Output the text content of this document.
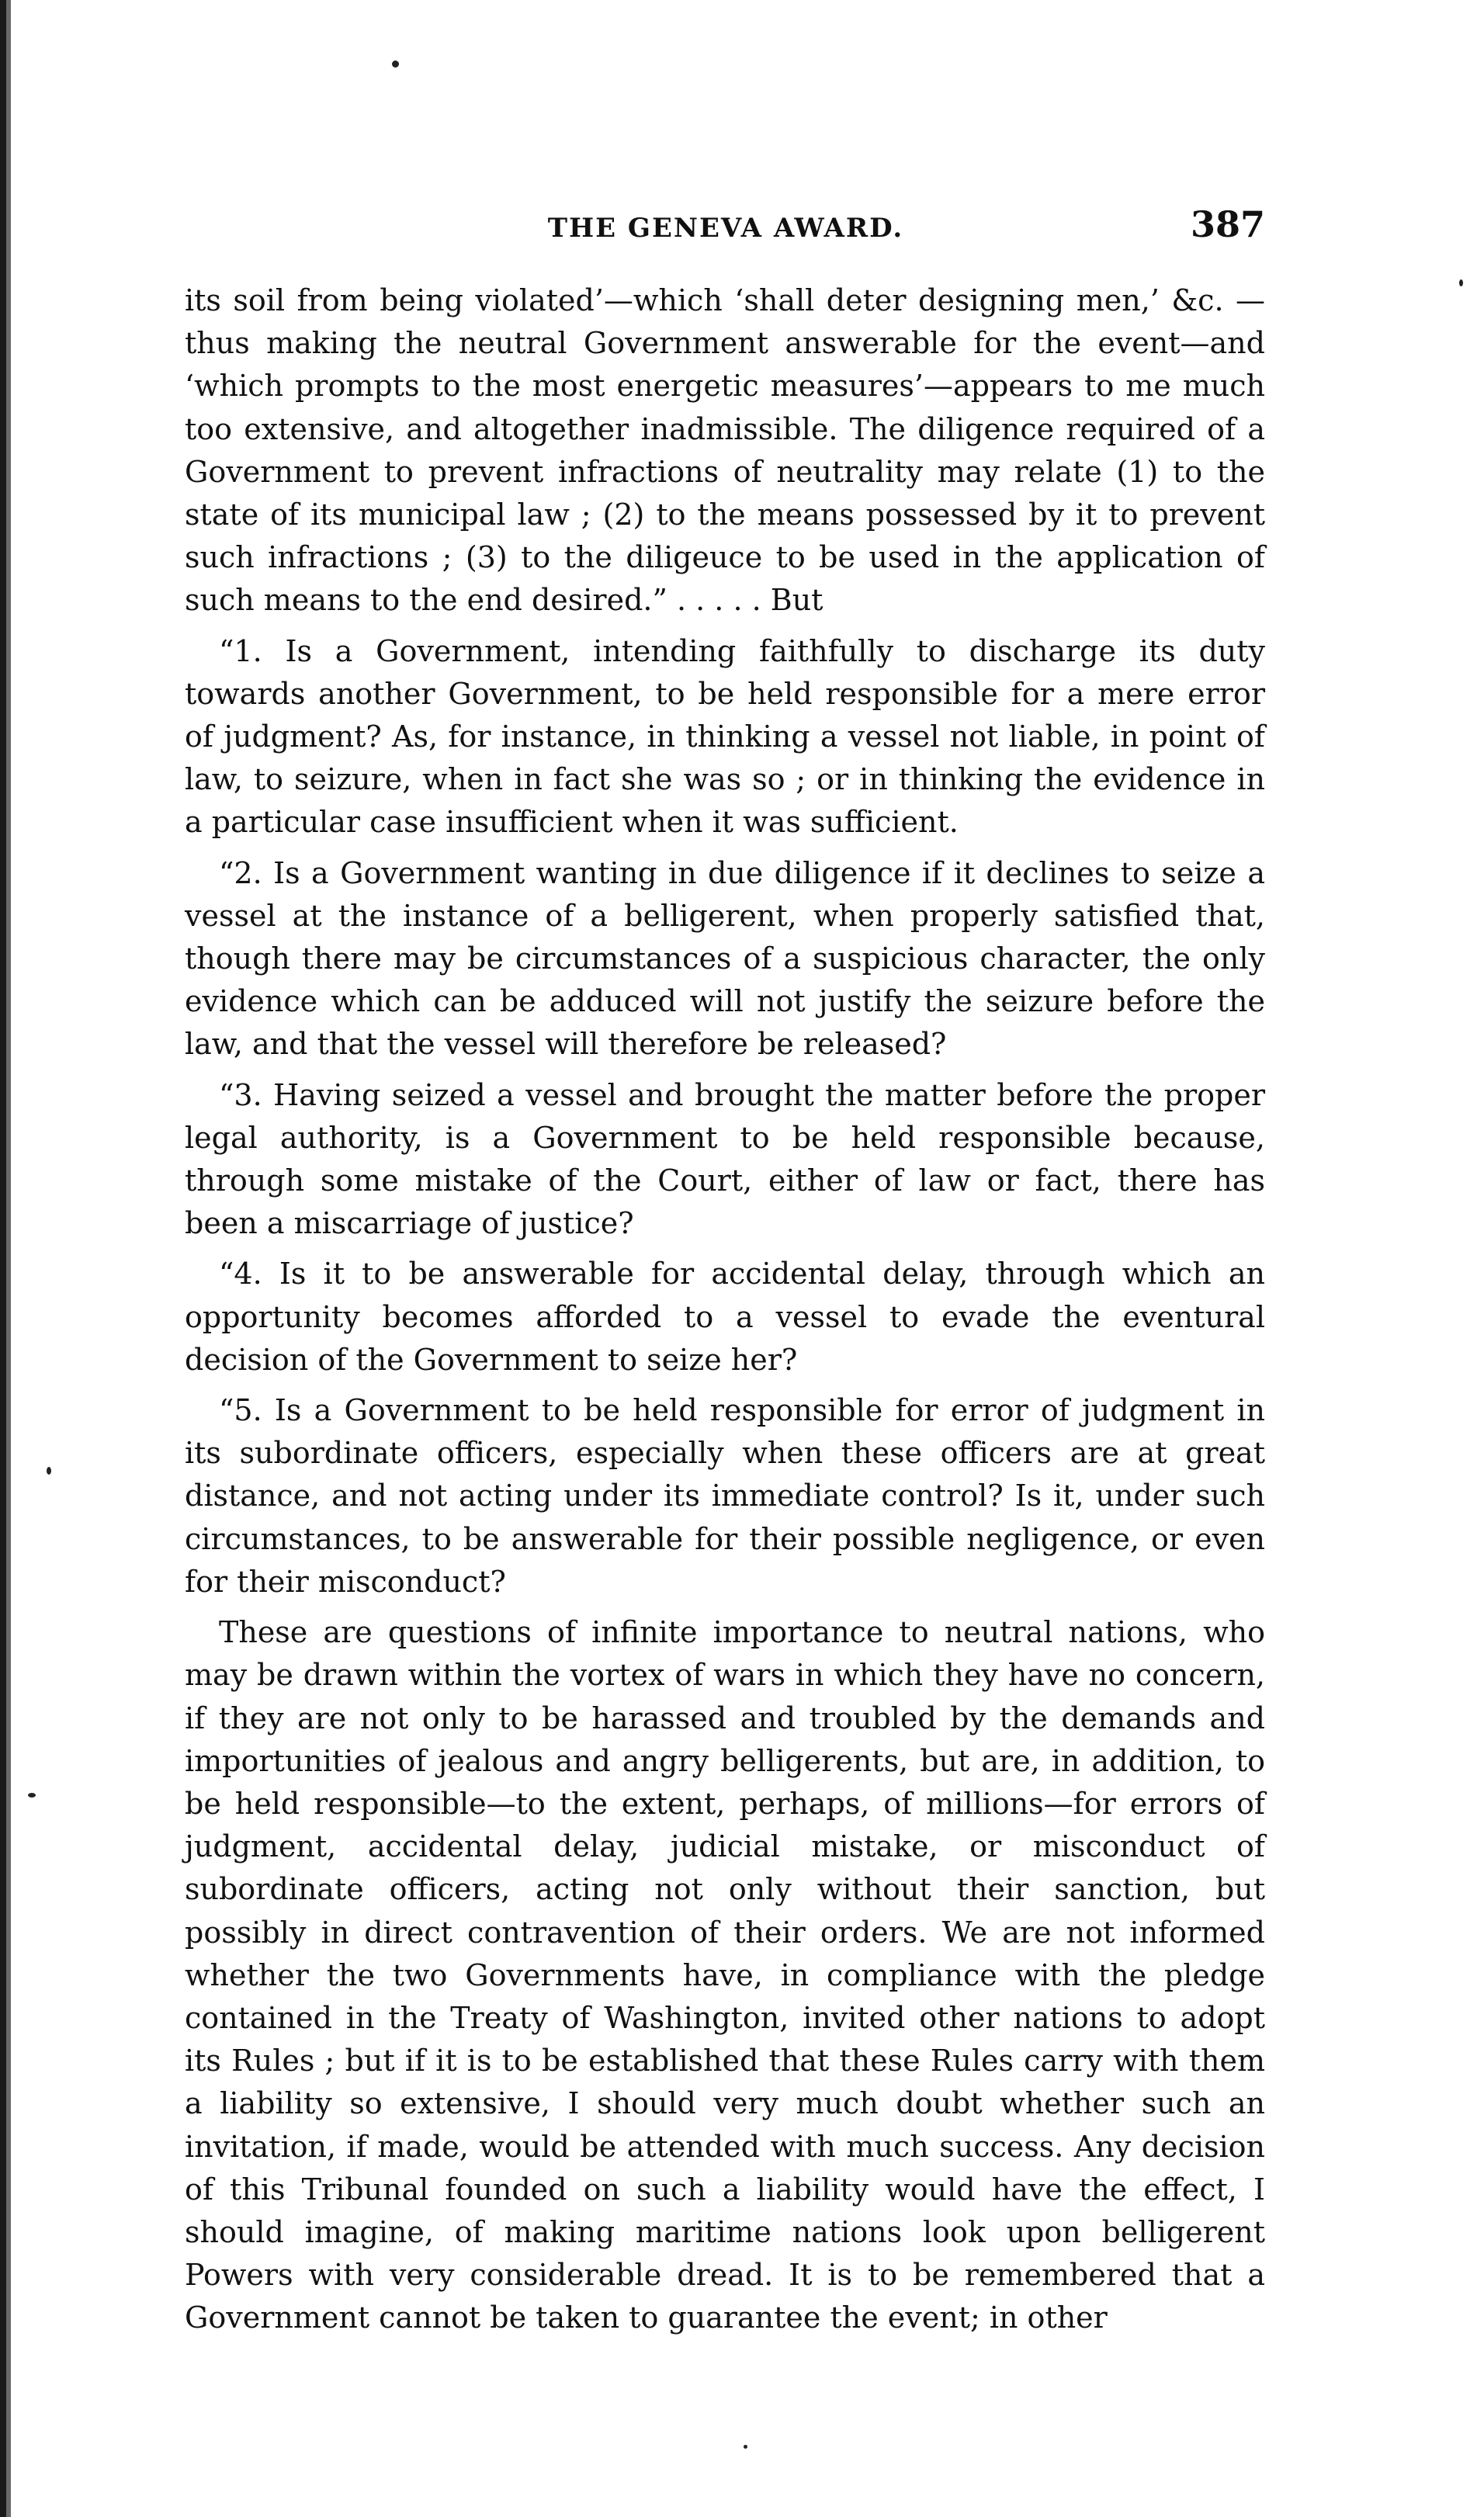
THE GENEVA AWARD.	387

its soil from being violated’—which ‘shall deter designing men,’ &c. —thus making the neutral Government answerable for the event—and ‘which prompts to the most energetic measures’—appears to me much too extensive, and altogether inadmissible. The diligence required of a Government to prevent infractions of neutrality may relate (1) to the state of its municipal law ; (2) to the means possessed by it to prevent such infractions ; (3) to the diligeuce to be used in the application of such means to the end desired.” . . . . . But

“1. Is a Government, intending faithfully to discharge its duty towards another Government, to be held responsible for a mere error of judgment? As, for instance, in thinking a vessel not liable, in point of law, to seizure, when in fact she was so ; or in thinking the evidence in a particular case insufficient when it was sufficient.

“2. Is a Government wanting in due diligence if it declines to seize a vessel at the instance of a belligerent, when properly satisfied that, though there may be circumstances of a suspicious character, the only evidence which can be adduced will not justify the seizure before the law, and that the vessel will therefore be released?

“3. Having seized a vessel and brought the matter before the proper legal authority, is a Government to be held responsible because, through some mistake of the Court, either of law or fact, there has been a miscarriage of justice?

“4. Is it to be answerable for accidental delay, through which an opportunity becomes afforded to a vessel to evade the eventural decision of the Government to seize her?

“5. Is a Government to be held responsible for error of judgment in its subordinate officers, especially when these officers are at great distance, and not acting under its immediate control? Is it, under such circumstances, to be answerable for their possible negligence, or even for their misconduct?

These are questions of infinite importance to neutral nations, who may be drawn within the vortex of wars in which they have no concern, if they are not only to be harassed and troubled by the demands and importunities of jealous and angry belligerents, but are, in addition, to be held responsible—to the extent, perhaps, of millions—for errors of judgment, accidental delay, judicial mistake, or misconduct of subordinate officers, acting not only without their sanction, but possibly in direct contravention of their orders. We are not informed whether the two Governments have, in compliance with the pledge contained in the Treaty of Washington, invited other nations to adopt its Rules ; but if it is to be established that these Rules carry with them a liability so extensive, I should very much doubt whether such an invitation, if made, would be attended with much success. Any decision of this Tribunal founded on such a liability would have the effect, I should imagine, of making maritime nations look upon belligerent Powers with very considerable dread. It is to be remembered that a Government cannot be taken to guarantee the event; in other
